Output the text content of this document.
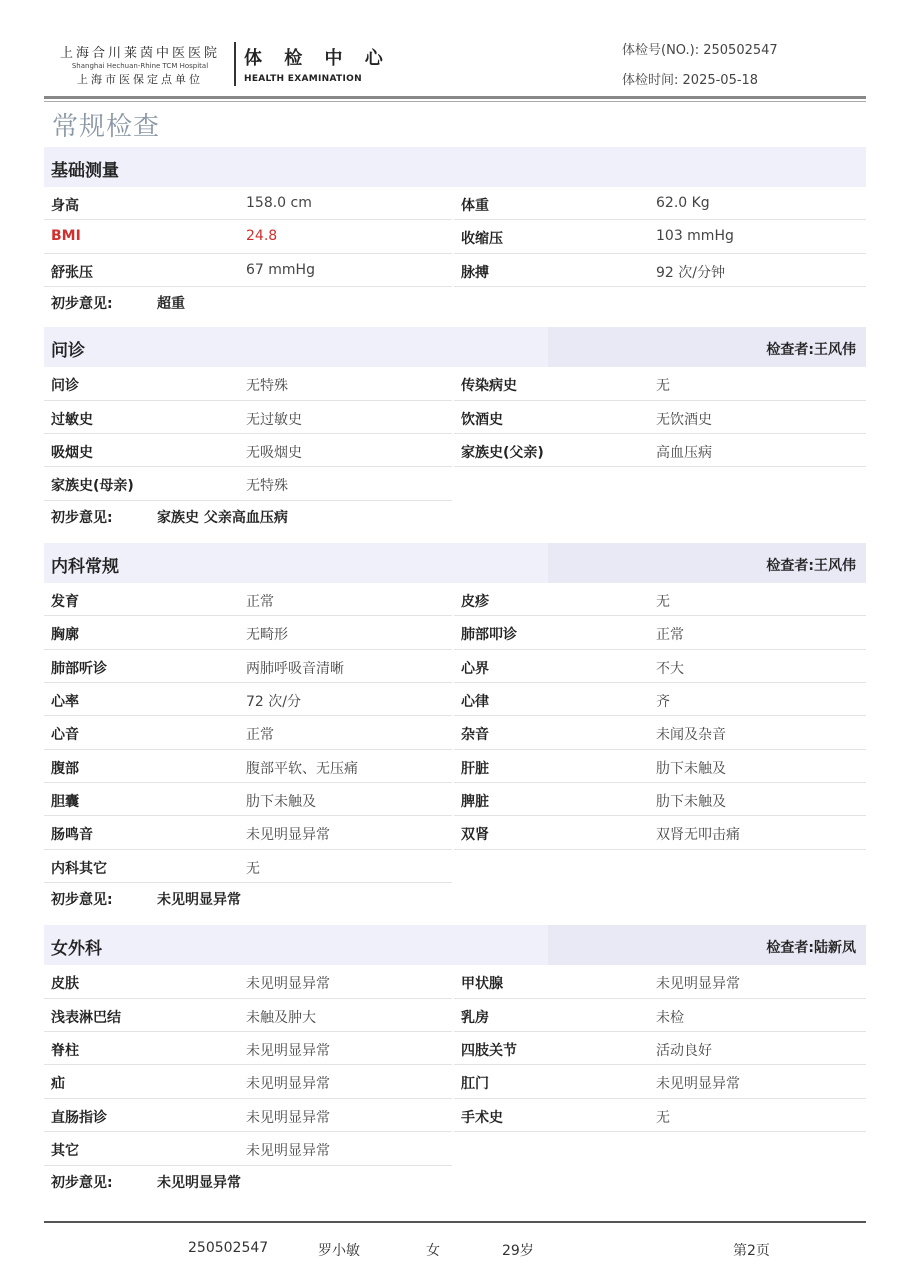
上海合川莱茵中医医院
Shanghai Hechuan-Rhine TCM Hospital
上海市医保定点单位
体 检 中 心
HEALTH EXAMINATION
体检号(NO.): 250502547
体检时间: 2025-05-18
常规检查
基础测量
身高	158.0 cm	体重	62.0 Kg
BMI	24.8	收缩压	103 mmHg
舒张压	67 mmHg	脉搏	92 次/分钟
初步意见:	超重
问诊	检查者:王风伟
问诊	无特殊	传染病史	无
过敏史	无过敏史	饮酒史	无饮酒史
吸烟史	无吸烟史	家族史(父亲)	高血压病
家族史(母亲)	无特殊
初步意见:	家族史 父亲高血压病
内科常规	检查者:王风伟
发育	正常	皮疹	无
胸廓	无畸形	肺部叩诊	正常
肺部听诊	两肺呼吸音清晰	心界	不大
心率	72 次/分	心律	齐
心音	正常	杂音	未闻及杂音
腹部	腹部平软、无压痛	肝脏	肋下未触及
胆囊	肋下未触及	脾脏	肋下未触及
肠鸣音	未见明显异常	双肾	双肾无叩击痛
内科其它	无
初步意见:	未见明显异常
女外科	检查者:陆新凤
皮肤	未见明显异常	甲状腺	未见明显异常
浅表淋巴结	未触及肿大	乳房	未检
脊柱	未见明显异常	四肢关节	活动良好
疝	未见明显异常	肛门	未见明显异常
直肠指诊	未见明显异常	手术史	无
其它	未见明显异常
初步意见:	未见明显异常
250502547	罗小敏	女	29岁	第2页
